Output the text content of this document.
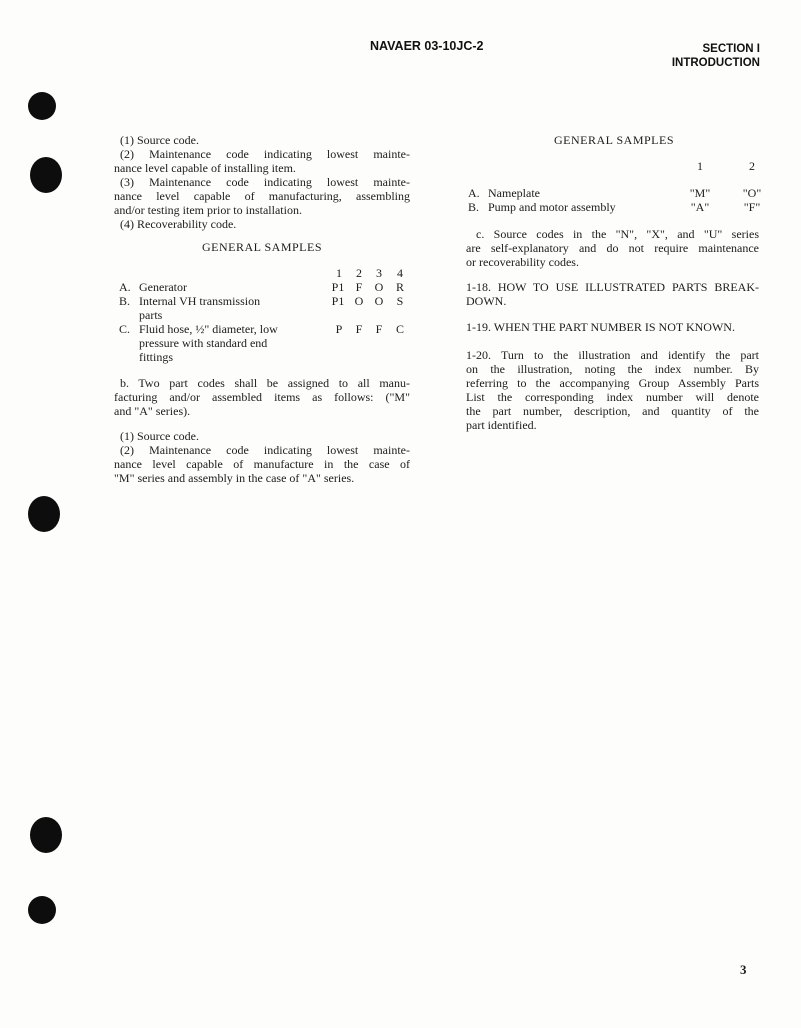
NAVAER 03-10JC-2	SECTION I
INTRODUCTION
(1) Source code.
(2) Maintenance code indicating lowest mainte-
nance level capable of installing item.
(3) Maintenance code indicating lowest mainte-
nance level capable of manufacturing, assembling
and/or testing item prior to installation.
(4) Recoverability code.
GENERAL SAMPLES
1 2 3 4
A. Generator	P1 F O R
B. Internal VH transmission
parts
P1 O O S
C. Fluid hose, ½" diameter, low
pressure with standard end
fittings
P F F C
b. Two part codes shall be assigned to all manu-
facturing and/or assembled items as follows: ("M"
and "A" series).
(1) Source code.
(2) Maintenance code indicating lowest mainte-
nance level capable of manufacture in the case of
"M" series and assembly in the case of "A" series.
GENERAL SAMPLES
1	2
A. Nameplate	"M"	"O"
B. Pump and motor assembly	"A"	"F"
c. Source codes in the "N", "X", and "U" series
are self-explanatory and do not require maintenance
or recoverability codes.
1-18. HOW TO USE ILLUSTRATED PARTS BREAK-
DOWN.
1-19. WHEN THE PART NUMBER IS NOT KNOWN.
1-20. Turn to the illustration and identify the part
on the illustration, noting the index number. By
referring to the accompanying Group Assembly Parts
List the corresponding index number will denote
the part number, description, and quantity of the
part identified.
3
